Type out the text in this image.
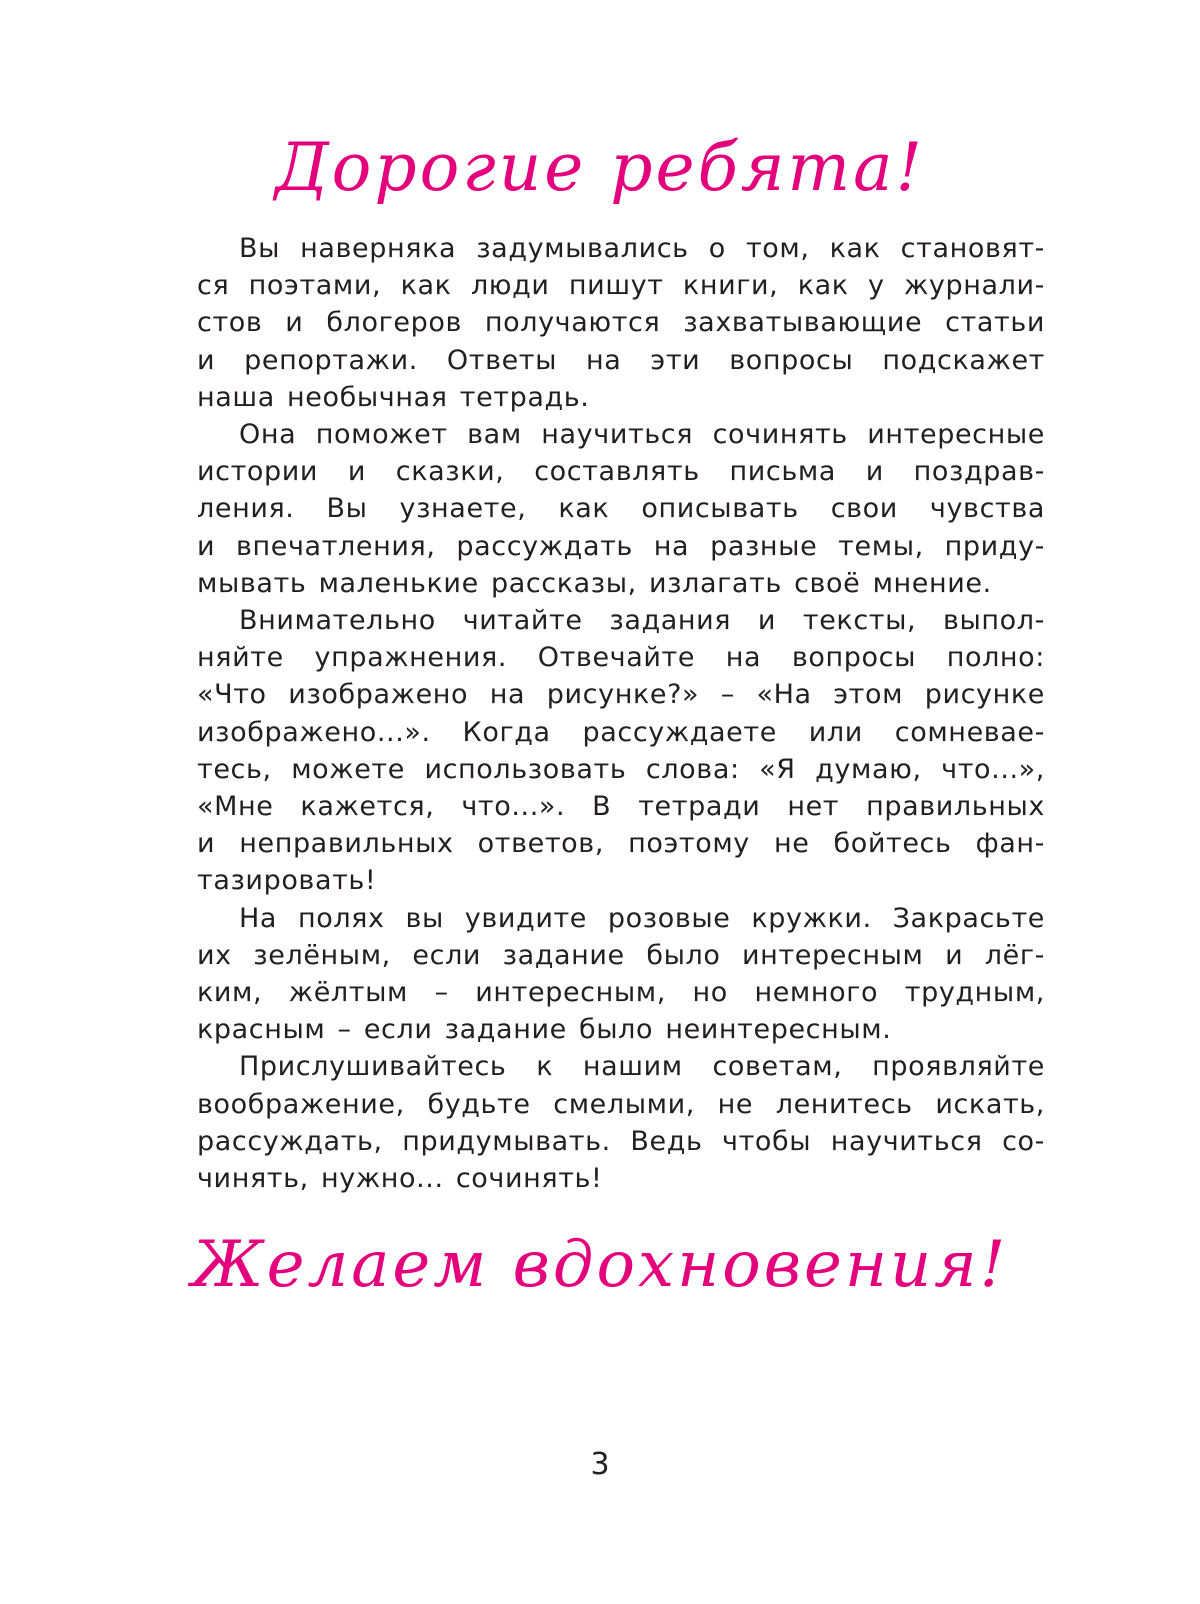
Дорогие ребята!

Вы наверняка задумывались о том, как становят-
ся поэтами, как люди пишут книги, как у журнали-
стов и блогеров получаются захватывающие статьи
и репортажи. Ответы на эти вопросы подскажет
наша необычная тетрадь.

Она поможет вам научиться сочинять интересные
истории и сказки, составлять письма и поздрав-
ления. Вы узнаете, как описывать свои чувства
и впечатления, рассуждать на разные темы, приду-
мывать маленькие рассказы, излагать своё мнение.

Внимательно читайте задания и тексты, выпол-
няйте упражнения. Отвечайте на вопросы полно:
«Что изображено на рисунке?» – «На этом рисунке
изображено...». Когда рассуждаете или сомневае-
тесь, можете использовать слова: «Я думаю, что...»,
«Мне кажется, что...». В тетради нет правильных
и неправильных ответов, поэтому не бойтесь фан-
тазировать!

На полях вы увидите розовые кружки. Закрасьте
их зелёным, если задание было интересным и лёг-
ким, жёлтым – интересным, но немного трудным,
красным – если задание было неинтересным.

Прислушивайтесь к нашим советам, проявляйте
воображение, будьте смелыми, не ленитесь искать,
рассуждать, придумывать. Ведь чтобы научиться со-
чинять, нужно... сочинять!

Желаем вдохновения!
3
